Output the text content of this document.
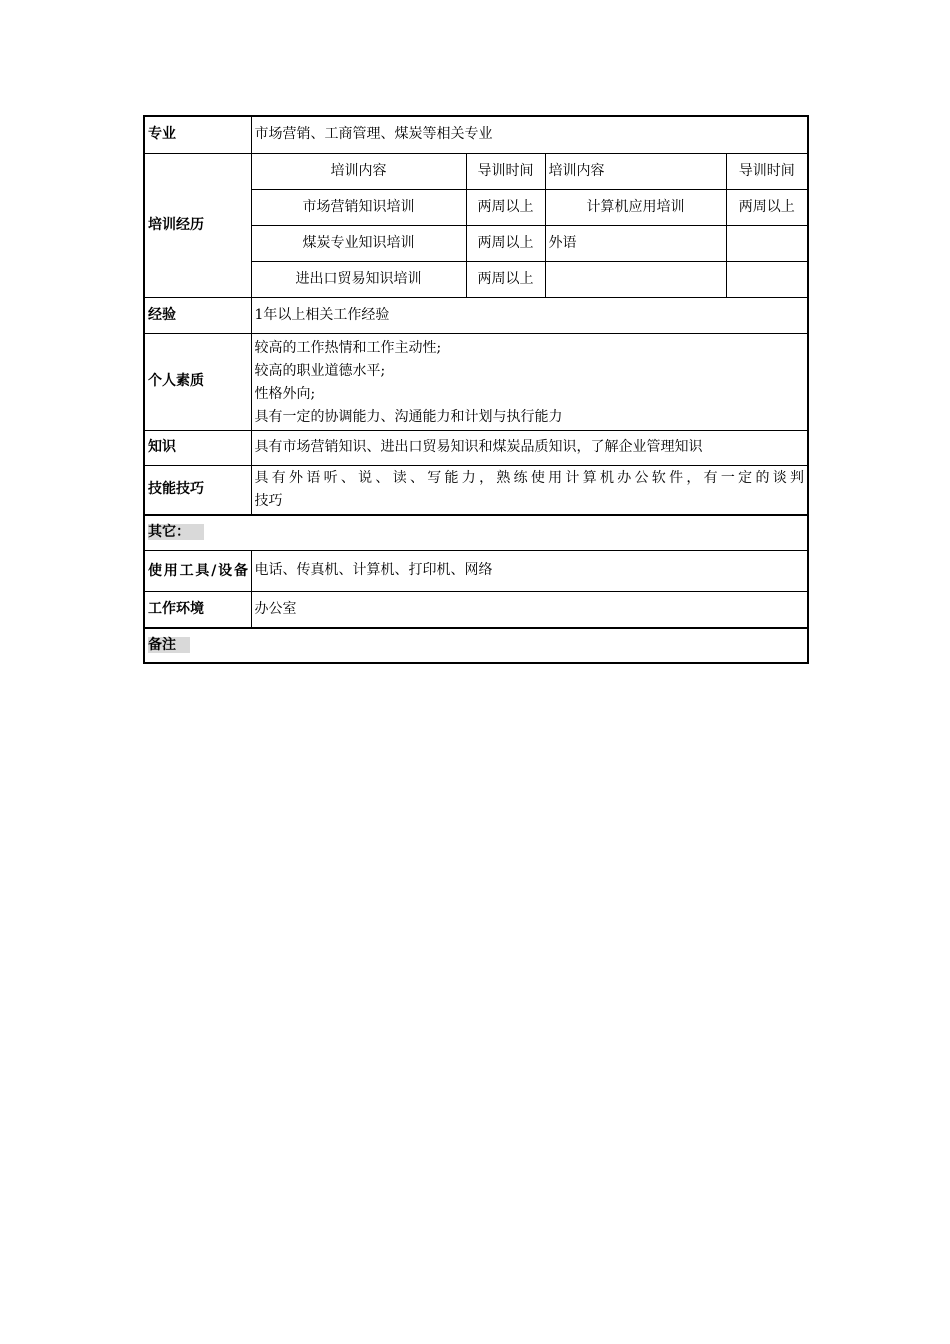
专业	市场营销、工商管理、煤炭等相关专业			
培训经历	培训内容	导训时间	培训内容	导训时间
	市场营销知识培训	两周以上	计算机应用培训	两周以上
	煤炭专业知识培训	两周以上	外语	
	进出口贸易知识培训	两周以上		
经验	1年以上相关工作经验			
个人素质	较高的工作热情和工作主动性;
较高的职业道德水平;
性格外向;
具有一定的协调能力、沟通能力和计划与执行能力			

知识	具有市场营销知识、进出口贸易知识和煤炭品质知识，了解企业管理知识			
技能技巧	具有外语听、说、读、写能力，熟练使用计算机办公软件，有一定的谈判
技巧			

其它：				

使用工具/设备	电话、传真机、计算机、打印机、网络			
工作环境	办公室			
备注				
